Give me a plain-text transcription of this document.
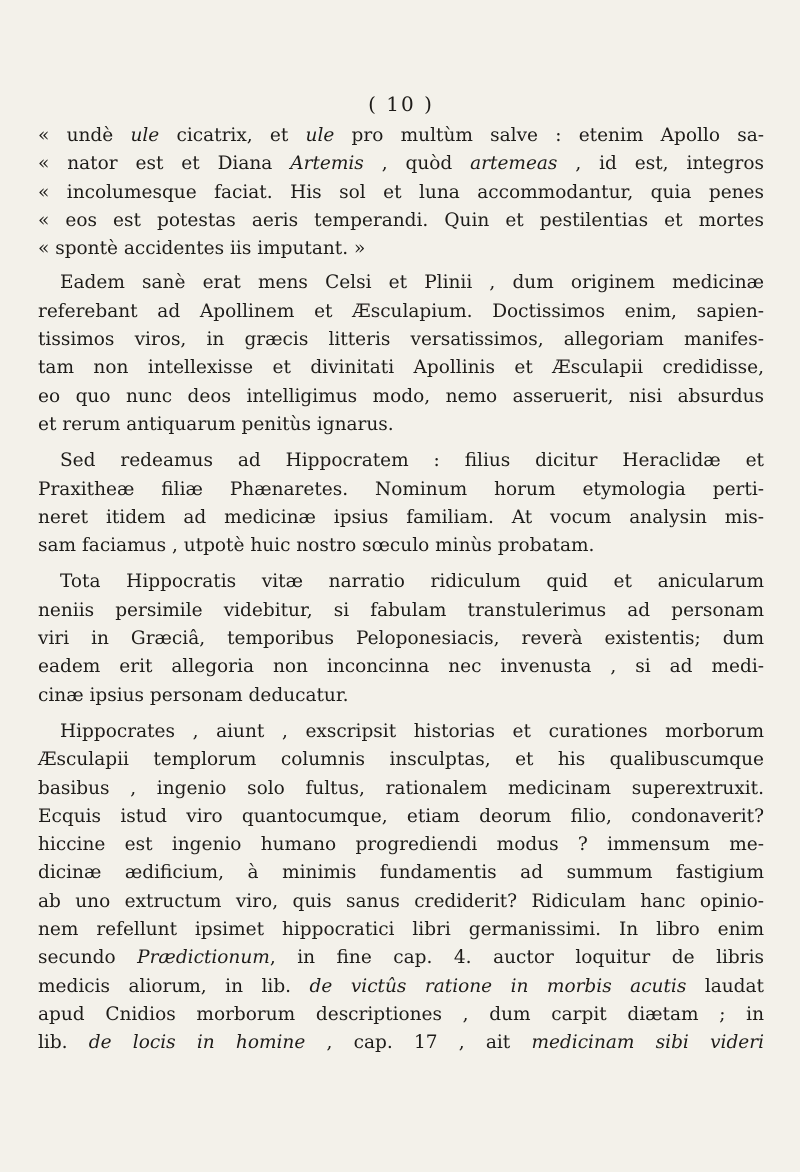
( 10 )
« undè ule cicatrix, et ule pro multùm salve : etenim Apollo sa-
« nator est et Diana Artemis , quòd artemeas , id est, integros
« incolumesque faciat. His sol et luna accommodantur, quia penes
« eos est potestas aeris temperandi. Quin et pestilentias et mortes
« spontè accidentes iis imputant. »
Eadem sanè erat mens Celsi et Plinii , dum originem medicinæ
referebant ad Apollinem et Æsculapium. Doctissimos enim, sapien-
tissimos viros, in græcis litteris versatissimos, allegoriam manifes-
tam non intellexisse et divinitati Apollinis et Æsculapii credidisse,
eo quo nunc deos intelligimus modo, nemo asseruerit, nisi absurdus
et rerum antiquarum penitùs ignarus.
Sed redeamus ad Hippocratem : filius dicitur Heraclidæ et
Praxitheæ filiæ Phænaretes. Nominum horum etymologia perti-
neret itidem ad medicinæ ipsius familiam. At vocum analysin mis-
sam faciamus , utpotè huic nostro sœculo minùs probatam.
Tota Hippocratis vitæ narratio ridiculum quid et anicularum
neniis persimile videbitur, si fabulam transtulerimus ad personam
viri in Græciâ, temporibus Peloponesiacis, reverà existentis; dum
eadem erit allegoria non inconcinna nec invenusta , si ad medi-
cinæ ipsius personam deducatur.
Hippocrates , aiunt , exscripsit historias et curationes morborum
Æsculapii templorum columnis insculptas, et his qualibuscumque
basibus , ingenio solo fultus, rationalem medicinam superextruxit.
Ecquis istud viro quantocumque, etiam deorum filio, condonaverit?
hiccine est ingenio humano progrediendi modus ? immensum me-
dicinæ ædificium, à minimis fundamentis ad summum fastigium
ab uno extructum viro, quis sanus crediderit? Ridiculam hanc opinio-
nem refellunt ipsimet hippocratici libri germanissimi. In libro enim
secundo Prædictionum, in fine cap. 4. auctor loquitur de libris
medicis aliorum, in lib. de victûs ratione in morbis acutis laudat
apud Cnidios morborum descriptiones , dum carpit diætam ; in
lib. de locis in homine , cap. 17 , ait medicinam sibi videri
